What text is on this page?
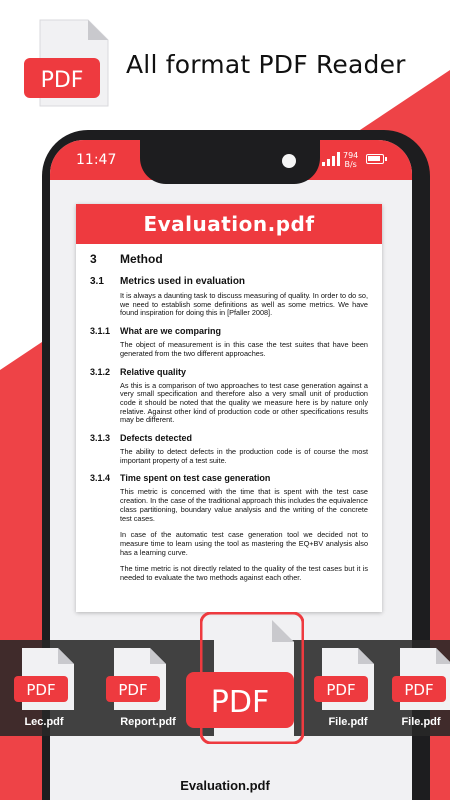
PDF
All format PDF Reader
11:47	794
B/s
Evaluation.pdf
3	Method
3.1	Metrics used in evaluation

It is always a daunting task to discuss measuring of quality. In order to do so, we need to establish some definitions as well as some metrics. We have found inspiration for doing this in [Pfaller 2008].

3.1.1	What are we comparing

The object of measurement is in this case the test suites that have been generated from the two different approaches.

3.1.2	Relative quality

As this is a comparison of two approaches to test case generation against a very small specification and therefore also a very small unit of production code it should be noted that the quality we measure here is by nature only relative. Against other kind of production code or other specifications results may be different.

3.1.3	Defects detected

The ability to detect defects in the production code is of course the most important property of a test suite.

3.1.4	Time spent on test case generation

This metric is concerned with the time that is spent with the test case creation. In the case of the traditional approach this includes the equivalence class partitioning, boundary value analysis and the writing of the concrete test cases.

In case of the automatic test case generation tool we decided not to measure time to learn using the tool as mastering the EQ+BV analysis also has a learning curve.

The time metric is not directly related to the quality of the test cases but it is needed to evaluate the two methods against each other.

PDF
Lec.pdf
PDF
Report.pdf
PDF	PDF
File.pdf
PDF
File.pdf
Evaluation.pdf
